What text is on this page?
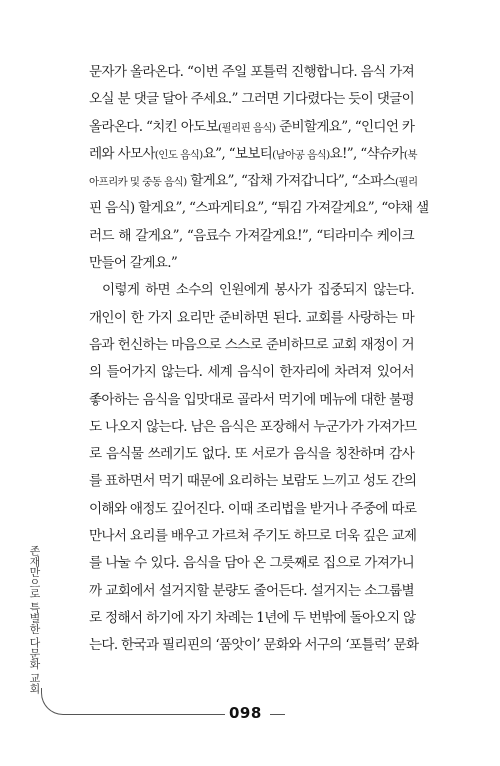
문자가 올라온다. “이번 주일 포틀럭 진행합니다. 음식 가져
오실 분 댓글 달아 주세요.” 그러면 기다렸다는 듯이 댓글이
올라온다. “치킨 아도보(필리핀 음식) 준비할게요”, “인디언 카
레와 사모사(인도 음식)요”, “보보티(남아공 음식)요!”, “샥슈카(북
아프리카 및 중동 음식) 할게요”, “잡채 가져갑니다”, “소파스(필리
핀 음식) 할게요”, “스파게티요”, “튀김 가져갈게요”, “야채 샐
러드 해 갈게요”, “음료수 가져갈게요!”, “티라미수 케이크
만들어 갈게요.”
이렇게 하면 소수의 인원에게 봉사가 집중되지 않는다.
개인이 한 가지 요리만 준비하면 된다. 교회를 사랑하는 마
음과 헌신하는 마음으로 스스로 준비하므로 교회 재정이 거
의 들어가지 않는다. 세계 음식이 한자리에 차려져 있어서
좋아하는 음식을 입맛대로 골라서 먹기에 메뉴에 대한 불평
도 나오지 않는다. 남은 음식은 포장해서 누군가가 가져가므
로 음식물 쓰레기도 없다. 또 서로가 음식을 칭찬하며 감사
를 표하면서 먹기 때문에 요리하는 보람도 느끼고 성도 간의
이해와 애정도 깊어진다. 이때 조리법을 받거나 주중에 따로
만나서 요리를 배우고 가르쳐 주기도 하므로 더욱 깊은 교제
를 나눌 수 있다. 음식을 담아 온 그릇째로 집으로 가져가니
까 교회에서 설거지할 분량도 줄어든다. 설거지는 소그룹별
로 정해서 하기에 자기 차례는 1년에 두 번밖에 돌아오지 않
는다. 한국과 필리핀의 ‘품앗이’ 문화와 서구의 ‘포틀럭’ 문화
존재만으로 특별한 다문화 교회
098
